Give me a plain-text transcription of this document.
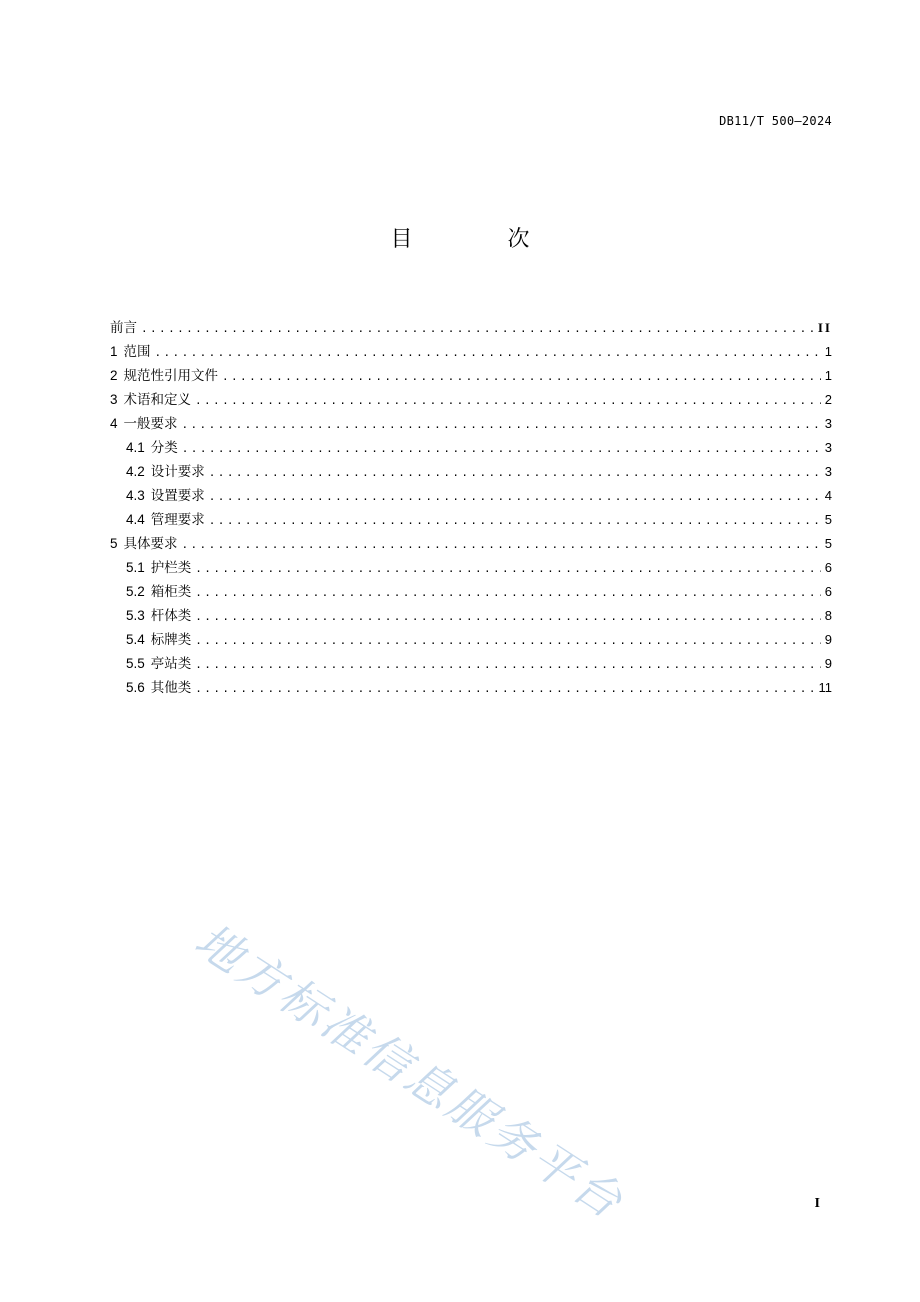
DB11/T 500—2024
目 次
前言 .....	II
1 范围 .....	1
2 规范性引用文件 .....	1
3 术语和定义 .....	2
4 一般要求 .....	3
4.1 分类 .....	3
4.2 设计要求 .....	3
4.3 设置要求 .....	4
4.4 管理要求 .....	5
5 具体要求 .....	5
5.1 护栏类 .....	6
5.2 箱柜类 .....	6
5.3 杆体类 .....	8
5.4 标牌类 .....	9
5.5 亭站类 .....	9
5.6 其他类 .....	11
地方标准信息服务平台	I
